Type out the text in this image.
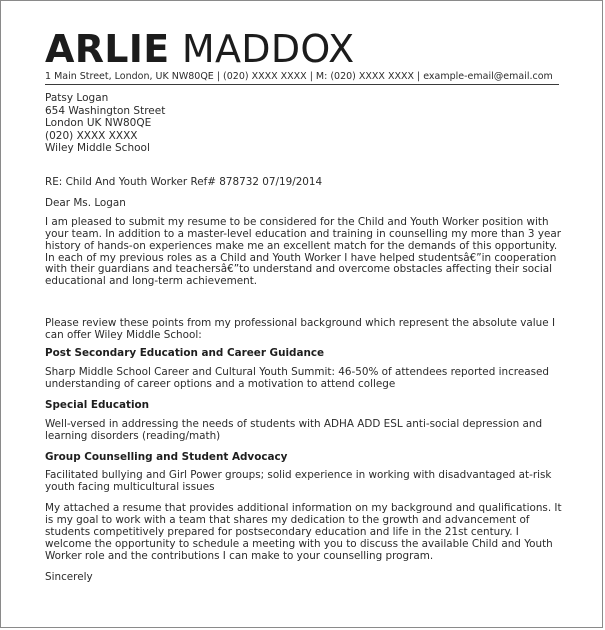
ARLIE MADDOX
1 Main Street, London, UK NW80QE | (020) XXXX XXXX | M: (020) XXXX XXXX | example-email@email.com
Patsy Logan
654 Washington Street
London UK NW80QE
(020) XXXX XXXX
Wiley Middle School

RE: Child And Youth Worker Ref# 878732 07/19/2014

Dear Ms. Logan

I am pleased to submit my resume to be considered for the Child and Youth Worker position with your team. In addition to a master-level education and training in counselling my more than 3 year history of hands-on experiences make me an excellent match for the demands of this opportunity. In each of my previous roles as a Child and Youth Worker I have helped studentsâ€”in cooperation with their guardians and teachersâ€”to understand and overcome obstacles affecting their social educational and long-term achievement.

Please review these points from my professional background which represent the absolute value I can offer Wiley Middle School:

Post Secondary Education and Career Guidance

Sharp Middle School Career and Cultural Youth Summit: 46-50% of attendees reported increased understanding of career options and a motivation to attend college

Special Education

Well-versed in addressing the needs of students with ADHA ADD ESL anti-social depression and learning disorders (reading/math)

Group Counselling and Student Advocacy

Facilitated bullying and Girl Power groups; solid experience in working with disadvantaged at-risk youth facing multicultural issues

My attached a resume that provides additional information on my background and qualifications. It is my goal to work with a team that shares my dedication to the growth and advancement of students competitively prepared for postsecondary education and life in the 21st century. I welcome the opportunity to schedule a meeting with you to discuss the available Child and Youth Worker role and the contributions I can make to your counselling program.

Sincerely
